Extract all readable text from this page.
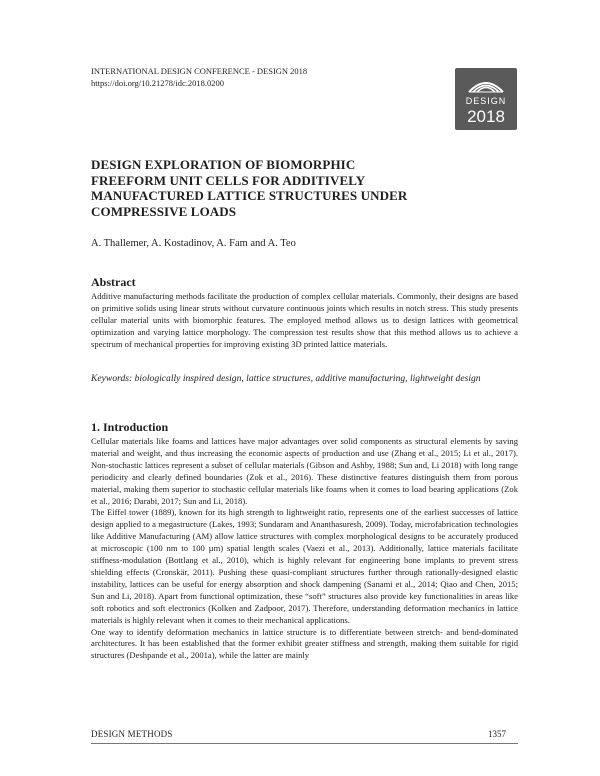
INTERNATIONAL DESIGN CONFERENCE - DESIGN 2018
https://doi.org/10.21278/idc.2018.0200
DESIGN
2018
DESIGN EXPLORATION OF BIOMORPHIC
FREEFORM UNIT CELLS FOR ADDITIVELY
MANUFACTURED LATTICE STRUCTURES UNDER
COMPRESSIVE LOADS
A. Thallemer, A. Kostadinov, A. Fam and A. Teo
Abstract
Additive manufacturing methods facilitate the production of complex cellular materials. Commonly, their designs are based on primitive solids using linear struts without curvature continuous joints which results in notch stress. This study presents cellular material units with biomorphic features. The employed method allows us to design lattices with geometrical optimization and varying lattice morphology. The compression test results show that this method allows us to achieve a spectrum of mechanical properties for improving existing 3D printed lattice materials.
Keywords: biologically inspired design, lattice structures, additive manufacturing, lightweight design
1. Introduction

Cellular materials like foams and lattices have major advantages over solid components as structural elements by saving material and weight, and thus increasing the economic aspects of production and use (Zhang et al., 2015; Li et al., 2017). Non-stochastic lattices represent a subset of cellular materials (Gibson and Ashby, 1988; Sun and, Li 2018) with long range periodicity and clearly defined boundaries (Zok et al., 2016). These distinctive features distinguish them from porous material, making them superior to stochastic cellular materials like foams when it comes to load bearing applications (Zok et al., 2016; Darabi, 2017; Sun and Li, 2018).

The Eiffel tower (1889), known for its high strength to lightweight ratio, represents one of the earliest successes of lattice design applied to a megastructure (Lakes, 1993; Sundaram and Ananthasuresh, 2009). Today, microfabrication technologies like Additive Manufacturing (AM) allow lattice structures with complex morphological designs to be accurately produced at microscopic (100 nm to 100 µm) spatial length scales (Vaezi et al., 2013). Additionally, lattice materials facilitate stiffness-modulation (Bottlang et al., 2010), which is highly relevant for engineering bone implants to prevent stress shielding effects (Cronskär, 2011). Pushing these quasi-compliant structures further through rationally-designed elastic instability, lattices can be useful for energy absorption and shock dampening (Sanami et al., 2014; Qiao and Chen, 2015; Sun and Li, 2018). Apart from functional optimization, these “soft” structures also provide key functionalities in areas like soft robotics and soft electronics (Kolken and Zadpoor, 2017). Therefore, understanding deformation mechanics in lattice materials is highly relevant when it comes to their mechanical applications.

One way to identify deformation mechanics in lattice structure is to differentiate between stretch- and bend-dominated architectures. It has been established that the former exhibit greater stiffness and strength, making them suitable for rigid structures (Deshpande et al., 2001a), while the latter are mainly

DESIGN METHODS	1357
